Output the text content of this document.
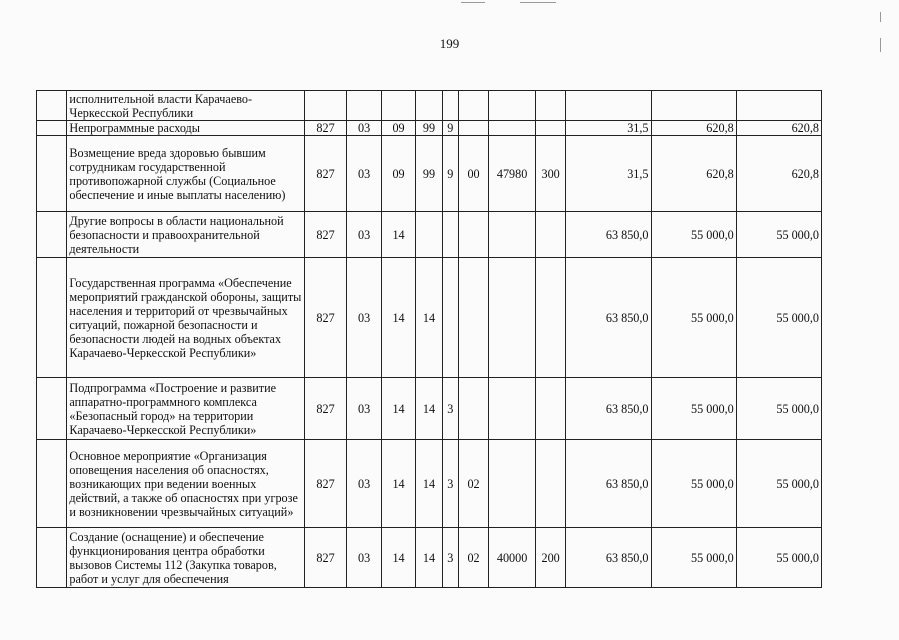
199
	исполнительной власти Карачаево-Черкесской Республики											
	Непрограммные расходы	827	03	09	99	9				31,5	620,8	620,8
	Возмещение вреда здоровью бывшим сотрудникам государственной противопожарной службы (Социальное обеспечение и иные выплаты населению)	827	03	09	99	9	00	47980	300	31,5	620,8	620,8
	Другие вопросы в области национальной безопасности и правоохранительной деятельности	827	03	14						63 850,0	55 000,0	55 000,0
	Государственная программа «Обеспечение мероприятий гражданской обороны, защиты населения и территорий от чрезвычайных ситуаций, пожарной безопасности и безопасности людей на водных объектах Карачаево-Черкесской Республики»	827	03	14	14					63 850,0	55 000,0	55 000,0
	Подпрограмма «Построение и развитие аппаратно-программного комплекса «Безопасный город» на территории Карачаево-Черкесской Республики»	827	03	14	14	3				63 850,0	55 000,0	55 000,0
	Основное мероприятие «Организация оповещения населения об опасностях, возникающих при ведении военных действий, а также об опасностях при угрозе и возникновении чрезвычайных ситуаций»	827	03	14	14	3	02			63 850,0	55 000,0	55 000,0
	Создание (оснащение) и обеспечение функционирования центра обработки вызовов Системы 112 (Закупка товаров, работ и услуг для обеспечения	827	03	14	14	3	02	40000	200	63 850,0	55 000,0	55 000,0
